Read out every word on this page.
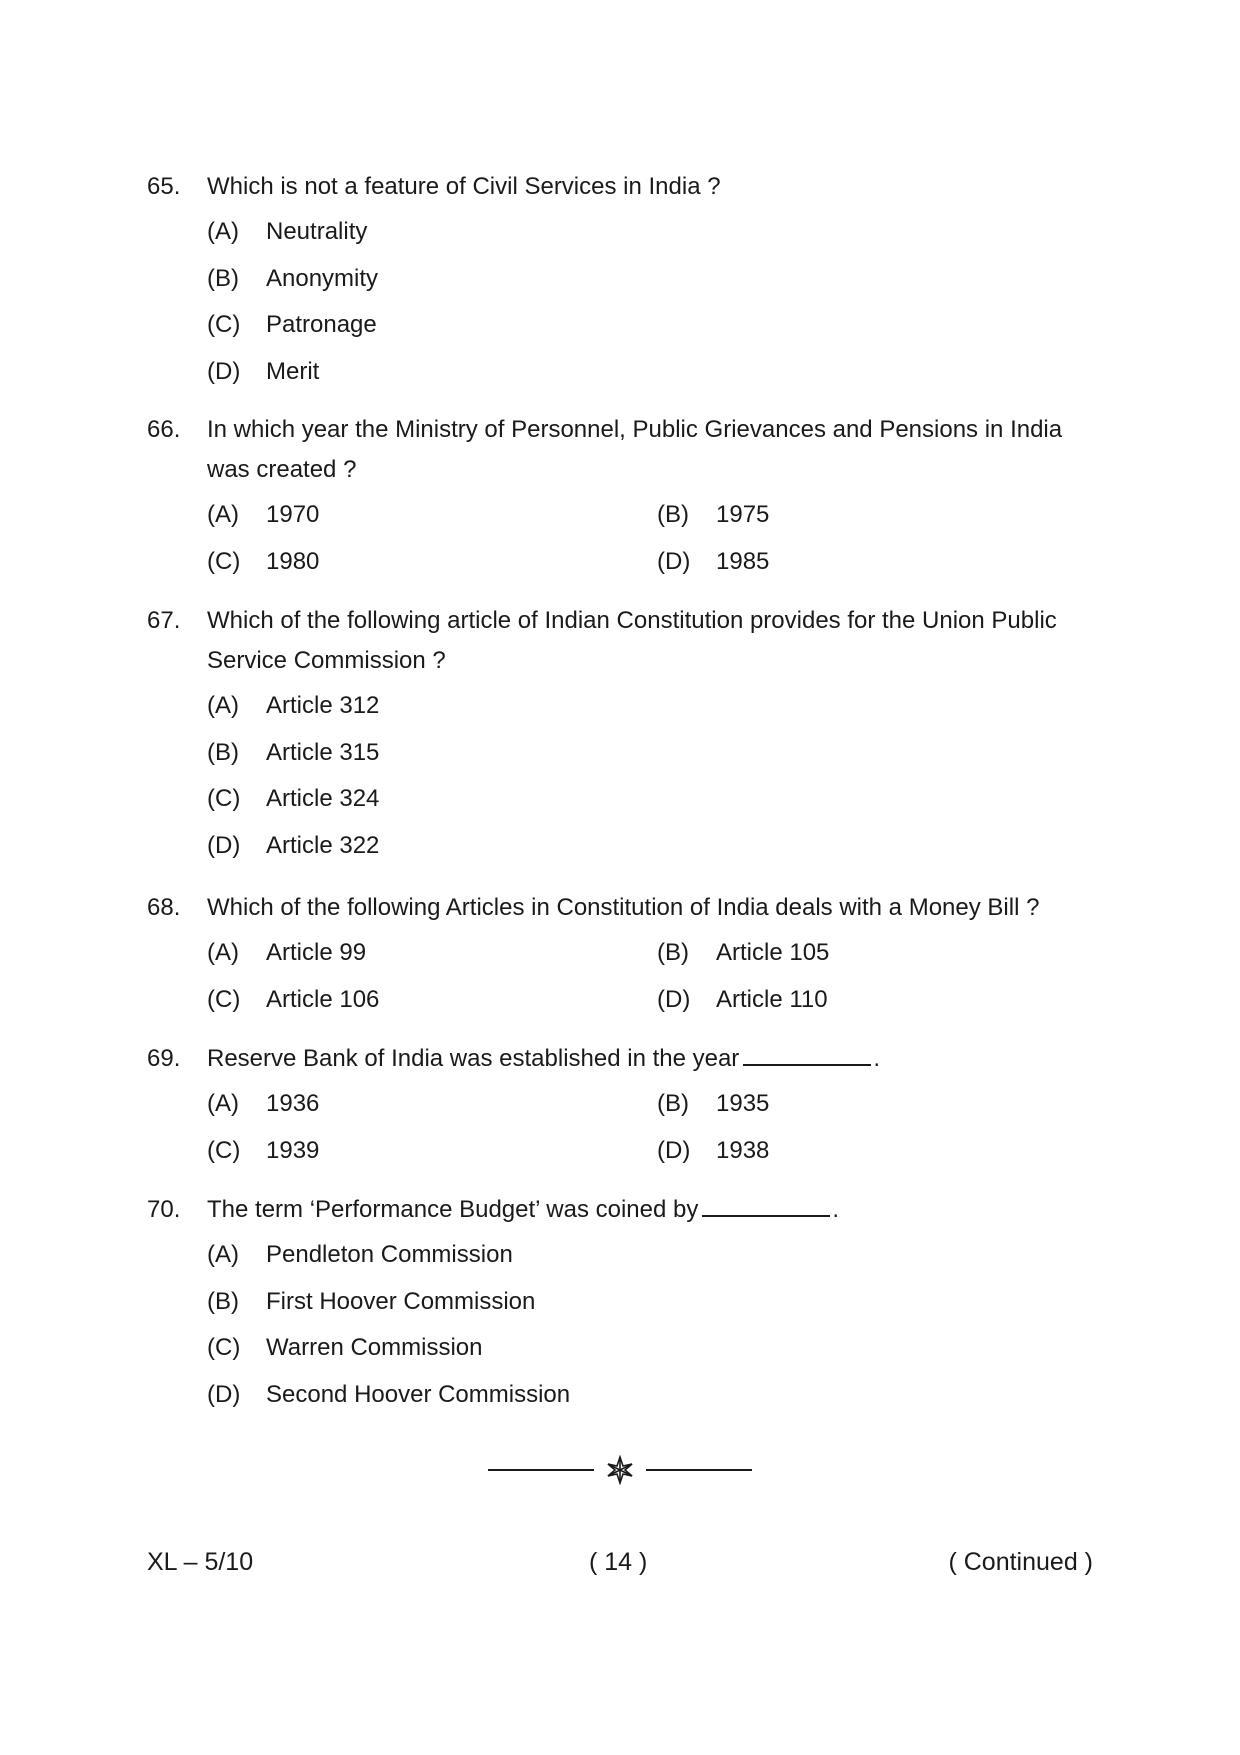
65.	Which is not a feature of Civil Services in India ?
(A)	Neutrality
(B)	Anonymity
(C)	Patronage
(D)	Merit
66.	In which year the Ministry of Personnel, Public Grievances and Pensions in India was created ?
(A)	1970	(B)	1975
(C)	1980	(D)	1985
67.	Which of the following article of Indian Constitution provides for the Union Public Service Commission ?
(A)	Article 312
(B)	Article 315
(C)	Article 324
(D)	Article 322
68.	Which of the following Articles in Constitution of India deals with a Money Bill ?
(A)	Article 99	(B)	Article 105
(C)	Article 106	(D)	Article 110
69.	Reserve Bank of India was established in the year	.
(A)	1936	(B)	1935
(C)	1939	(D)	1938
70.	The term ‘Performance Budget’ was coined by	.
(A)	Pendleton Commission
(B)	First Hoover Commission
(C)	Warren Commission
(D)	Second Hoover Commission
XL – 5/10	( 14 )	( Continued )
